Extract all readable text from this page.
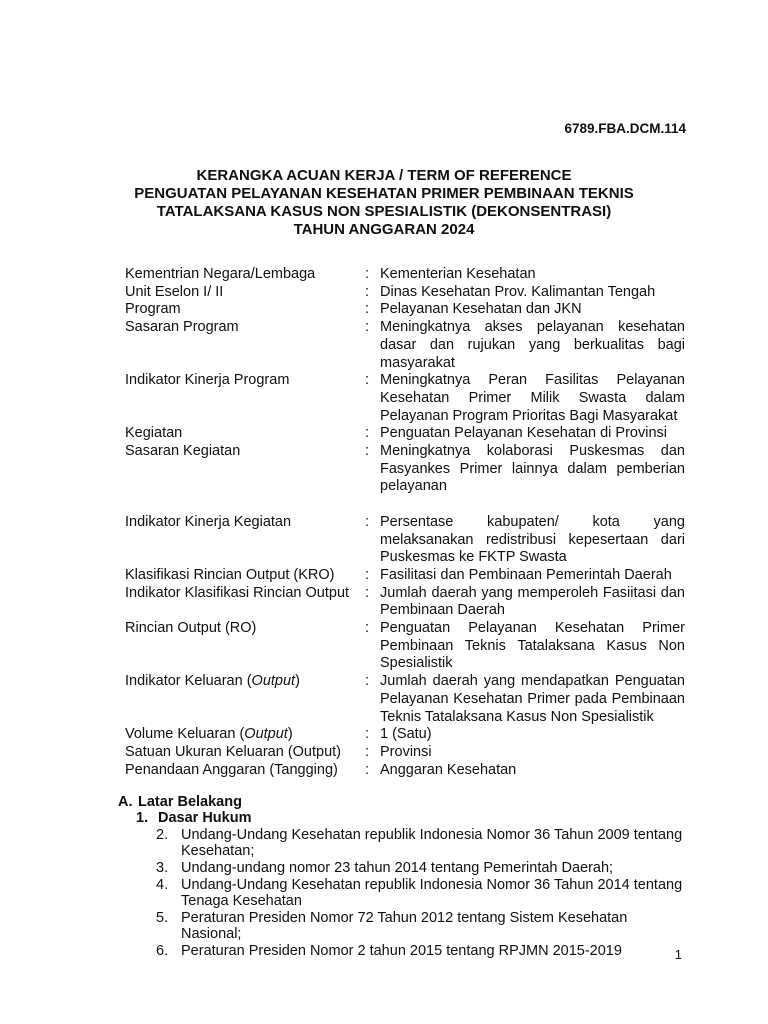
6789.FBA.DCM.114
KERANGKA ACUAN KERJA / TERM OF REFERENCE
PENGUATAN PELAYANAN KESEHATAN PRIMER PEMBINAAN TEKNIS
TATALAKSANA KASUS NON SPESIALISTIK (DEKONSENTRASI)
TAHUN ANGGARAN 2024
Kementrian Negara/Lembaga	: Kementerian Kesehatan
Unit Eselon I/ II	: Dinas Kesehatan Prov. Kalimantan Tengah
Program	: Pelayanan Kesehatan dan JKN
Sasaran Program	: Meningkatnya akses pelayanan kesehatan dasar dan rujukan yang berkualitas bagi masyarakat
Indikator Kinerja Program	: Meningkatnya Peran Fasilitas Pelayanan Kesehatan Primer Milik Swasta dalam Pelayanan Program Prioritas Bagi Masyarakat
Kegiatan	: Penguatan Pelayanan Kesehatan di Provinsi
Sasaran Kegiatan	: Meningkatnya kolaborasi Puskesmas dan Fasyankes Primer lainnya dalam pemberian pelayanan
Indikator Kinerja Kegiatan	: Persentase kabupaten/ kota yang melaksanakan redistribusi kepesertaan dari Puskesmas ke FKTP Swasta
Klasifikasi Rincian Output (KRO)	: Fasilitasi dan Pembinaan Pemerintah Daerah
Indikator Klasifikasi Rincian Output	: Jumlah daerah yang memperoleh Fasiitasi dan Pembinaan Daerah
Rincian Output (RO)	: Penguatan Pelayanan Kesehatan Primer Pembinaan Teknis Tatalaksana Kasus Non Spesialistik
Indikator Keluaran (Output)	: Jumlah daerah yang mendapatkan Penguatan Pelayanan Kesehatan Primer pada Pembinaan Teknis Tatalaksana Kasus Non Spesialistik
Volume Keluaran (Output)	: 1 (Satu)
Satuan Ukuran Keluaran (Output)	: Provinsi
Penandaan Anggaran (Tangging)	: Anggaran Kesehatan
A. Latar Belakang
1. Dasar Hukum
2. Undang-Undang Kesehatan republik Indonesia Nomor 36 Tahun 2009 tentang Kesehatan;
3. Undang-undang nomor 23 tahun 2014 tentang Pemerintah Daerah;
4. Undang-Undang Kesehatan republik Indonesia Nomor 36 Tahun 2014 tentang Tenaga Kesehatan
5. Peraturan Presiden Nomor 72 Tahun 2012 tentang Sistem Kesehatan Nasional;
6. Peraturan Presiden Nomor 2 tahun 2015 tentang RPJMN 2015-2019	1
